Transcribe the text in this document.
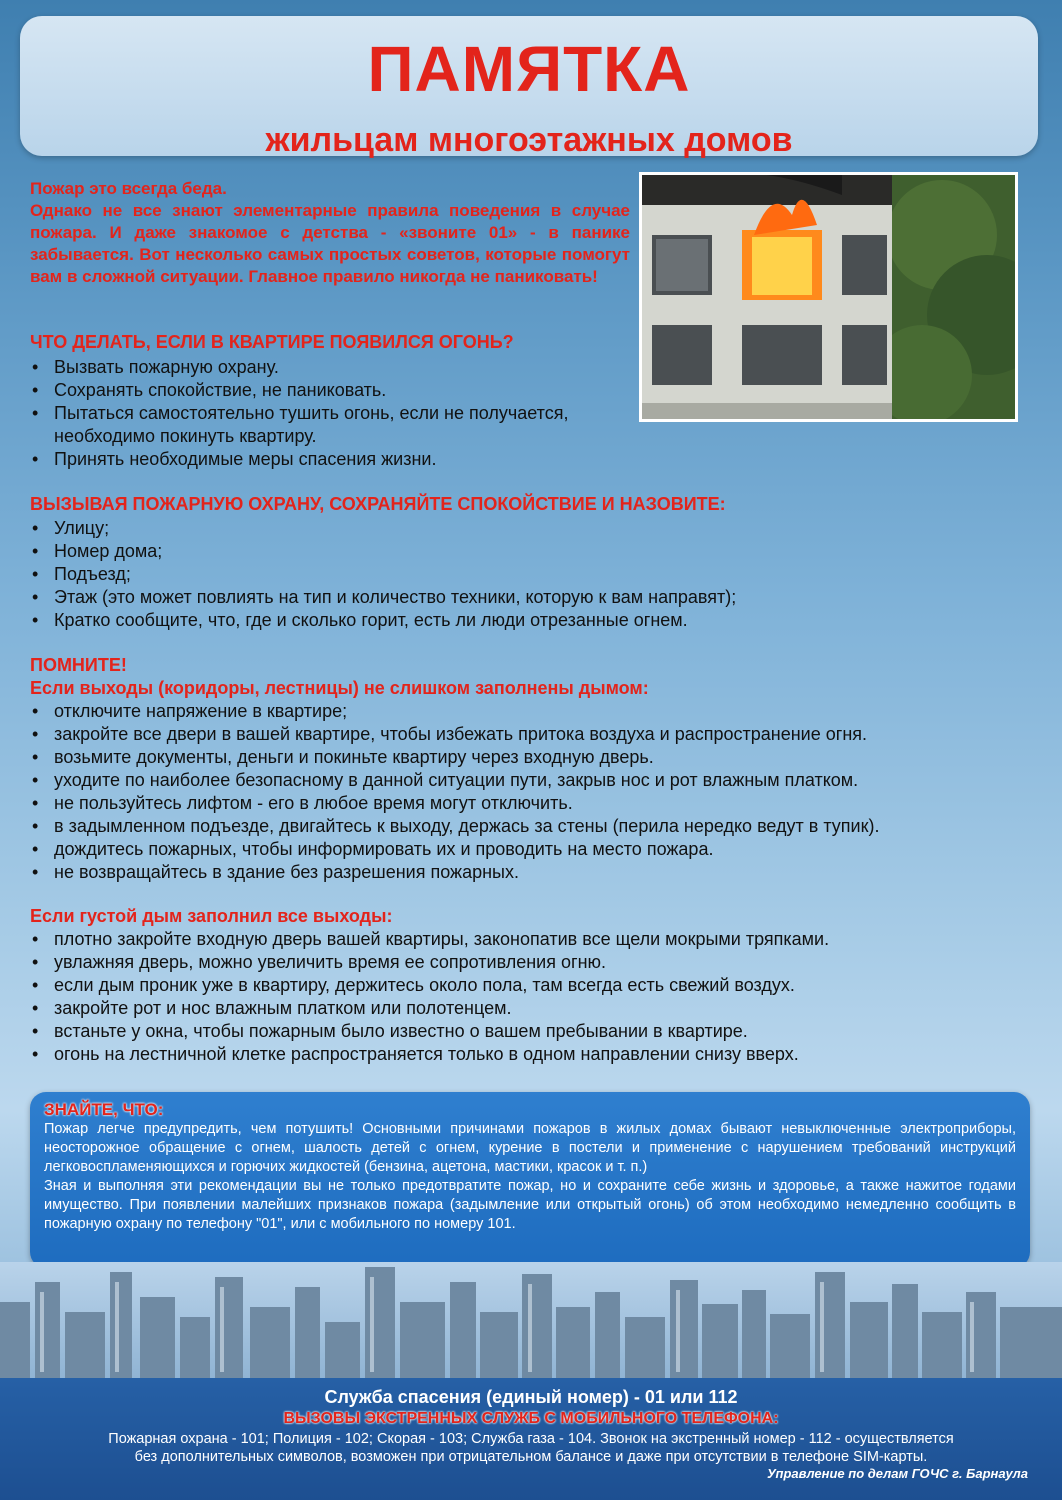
ПАМЯТКА
жильцам многоэтажных домов

Пожар это всегда беда.

Однако не все знают элементарные правила поведения в случае пожара. И даже знакомое с детства - «звоните 01» - в панике забывается. Вот несколько самых простых советов, которые помогут вам в сложной ситуации. Главное правило никогда не паниковать!

ЧТО ДЕЛАТЬ, ЕСЛИ В КВАРТИРЕ ПОЯВИЛСЯ ОГОНЬ?
• Вызвать пожарную охрану.
• Сохранять спокойствие, не паниковать.
• Пытаться самостоятельно тушить огонь, если не получается, необходимо покинуть квартиру.
• Принять необходимые меры спасения жизни.
ВЫЗЫВАЯ ПОЖАРНУЮ ОХРАНУ, СОХРАНЯЙТЕ СПОКОЙСТВИЕ И НАЗОВИТЕ:
• Улицу;
• Номер дома;
• Подъезд;
• Этаж (это может повлиять на тип и количество техники, которую к вам направят);
• Кратко сообщите, что, где и сколько горит, есть ли люди отрезанные огнем.
ПОМНИТЕ!
Если выходы (коридоры, лестницы) не слишком заполнены дымом:
• отключите напряжение в квартире;
• закройте все двери в вашей квартире, чтобы избежать притока воздуха и распространение огня.
• возьмите документы, деньги и покиньте квартиру через входную дверь.
• уходите по наиболее безопасному в данной ситуации пути, закрыв нос и рот влажным платком.
• не пользуйтесь лифтом - его в любое время могут отключить.
• в задымленном подъезде, двигайтесь к выходу, держась за стены (перила нередко ведут в тупик).
• дождитесь пожарных, чтобы информировать их и проводить на место пожара.
• не возвращайтесь в здание без разрешения пожарных.
Если густой дым заполнил все выходы:
• плотно закройте входную дверь вашей квартиры, законопатив все щели мокрыми тряпками.
• увлажняя дверь, можно увеличить время ее сопротивления огню.
• если дым проник уже в квартиру, держитесь около пола, там всегда есть свежий воздух.
• закройте рот и нос влажным платком или полотенцем.
• встаньте у окна, чтобы пожарным было известно о вашем пребывании в квартире.
• огонь на лестничной клетке распространяется только в одном направлении снизу вверх.
ЗНАЙТЕ, ЧТО:

Пожар легче предупредить, чем потушить! Основными причинами пожаров в жилых домах бывают невыключенные электроприборы, неосторожное обращение с огнем, шалость детей с огнем, курение в постели и применение с нарушением требований инструкций легковоспламеняющихся и горючих жидкостей (бензина, ацетона, мастики, красок и т. п.)

Зная и выполняя эти рекомендации вы не только предотвратите пожар, но и сохраните себе жизнь и здоровье, а также нажитое годами имущество. При появлении малейших признаков пожара (задымление или открытый огонь) об этом необходимо немедленно сообщить в пожарную охрану по телефону "01", или с мобильного по номеру 101.

Служба спасения (единый номер) - 01 или 112
ВЫЗОВЫ ЭКСТРЕННЫХ СЛУЖБ С МОБИЛЬНОГО ТЕЛЕФОНА:
Пожарная охрана - 101; Полиция - 102; Скорая - 103; Служба газа - 104. Звонок на экстренный номер - 112 - осуществляется
без дополнительных символов, возможен при отрицательном балансе и даже при отсутствии в телефоне SIM-карты.
Управление по делам ГОЧС г. Барнаула
